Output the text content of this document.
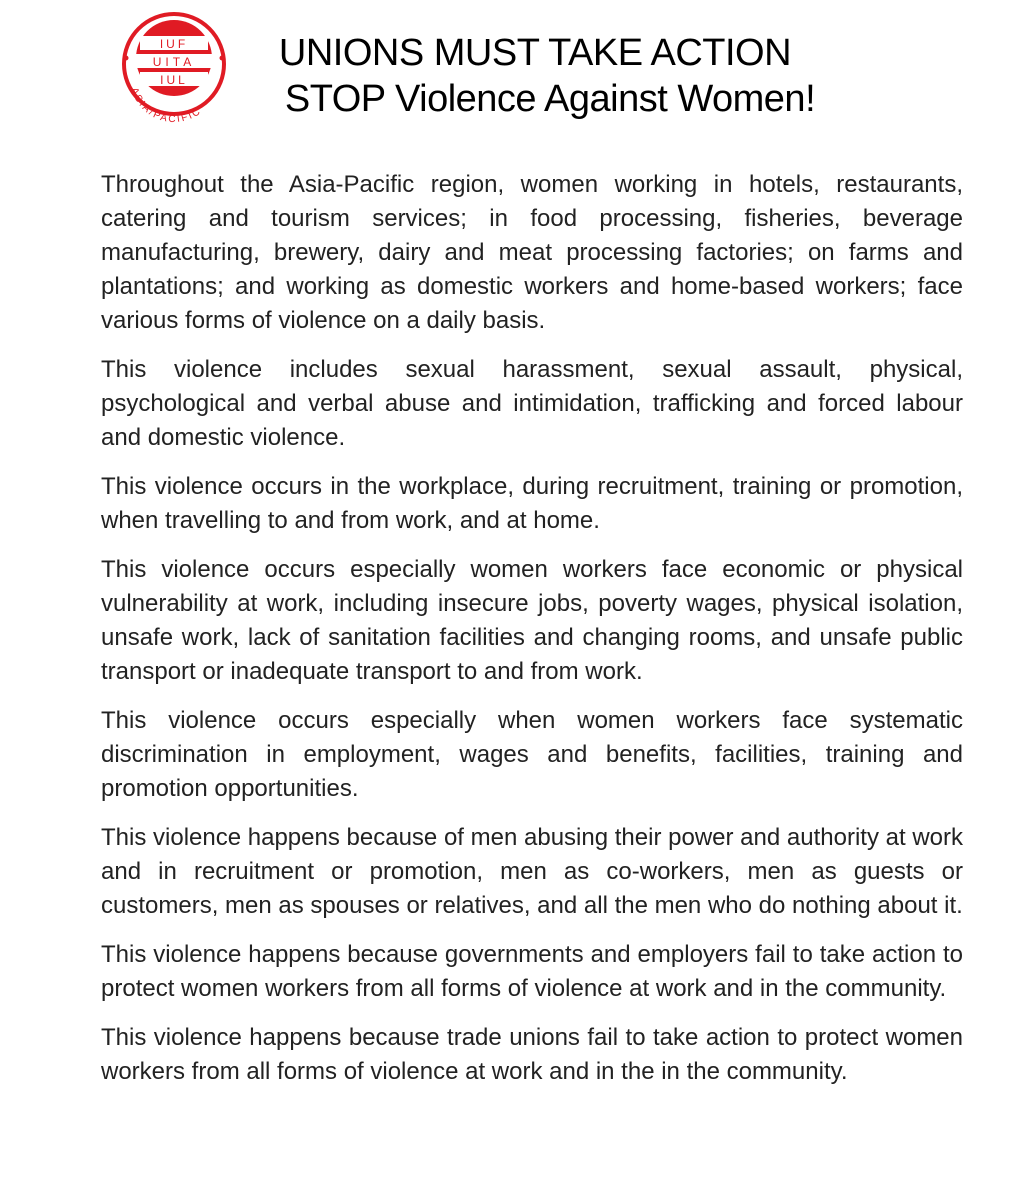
IUF
UITA
IUL
ASIA/PACIFIC
UNIONS MUST TAKE ACTION
STOP Violence Against Women!

Throughout the Asia-Pacific region, women working in hotels, restaurants, catering and tourism services; in food processing, fisheries, beverage manufacturing, brewery, dairy and meat processing factories; on farms and plantations; and working as domestic workers and home-based workers; face various forms of violence on a daily basis.

This violence includes sexual harassment, sexual assault, physical, psychological and verbal abuse and intimidation, trafficking and forced labour and domestic violence.

This violence occurs in the workplace, during recruitment, training or promotion, when travelling to and from work, and at home.

This violence occurs especially women workers face economic or physical vulnerability at work, including insecure jobs, poverty wages, physical isolation, unsafe work, lack of sanitation facilities and changing rooms, and unsafe public transport or inadequate transport to and from work.

This violence occurs especially when women workers face systematic discrimination in employment, wages and benefits, facilities, training and promotion opportunities.

This violence happens because of men abusing their power and authority at work and in recruitment or promotion, men as co-workers, men as guests or customers, men as spouses or relatives, and all the men who do nothing about it.

This violence happens because governments and employers fail to take action to protect women workers from all forms of violence at work and in the community.

This violence happens because trade unions fail to take action to protect women workers from all forms of violence at work and in the in the community.
